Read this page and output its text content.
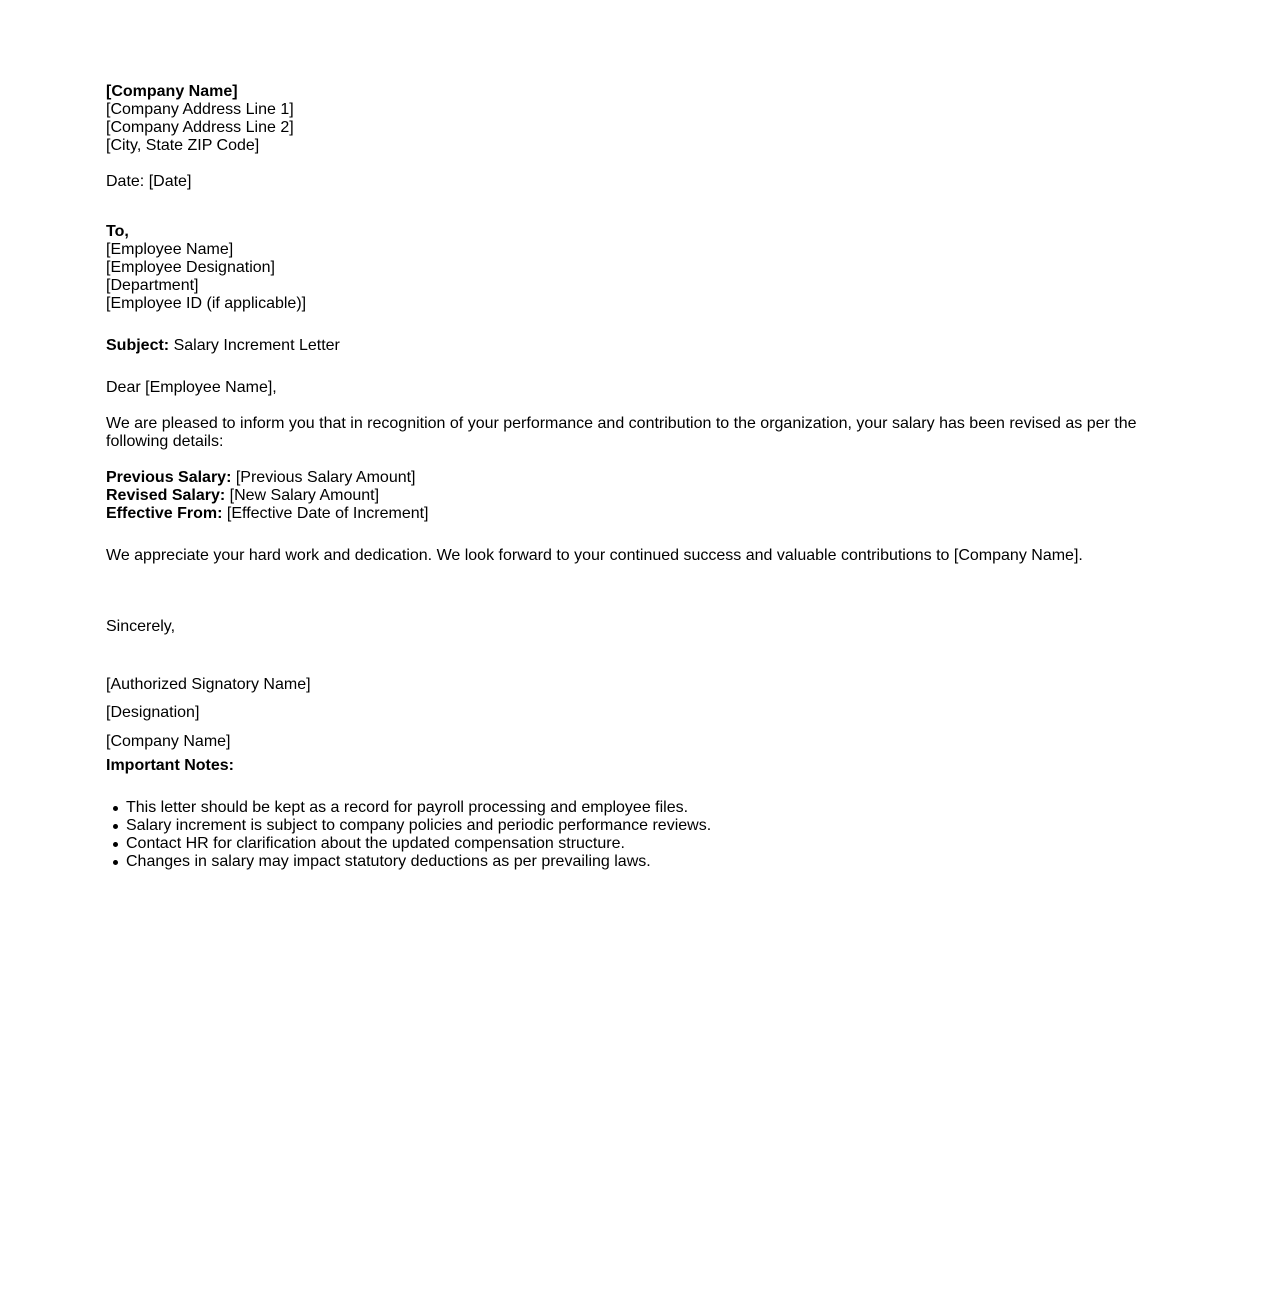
[Company Name]
[Company Address Line 1]
[Company Address Line 2]
[City, State ZIP Code]
Date: [Date]
To,
[Employee Name]
[Employee Designation]
[Department]
[Employee ID (if applicable)]
Subject: Salary Increment Letter
Dear [Employee Name],
We are pleased to inform you that in recognition of your performance and contribution to the organization, your salary has been revised as per the following details:
Previous Salary: [Previous Salary Amount]
Revised Salary: [New Salary Amount]
Effective From: [Effective Date of Increment]
We appreciate your hard work and dedication. We look forward to your continued success and valuable contributions to [Company Name].
Sincerely,
[Authorized Signatory Name]
[Designation]
[Company Name]
Important Notes:
This letter should be kept as a record for payroll processing and employee files.
Salary increment is subject to company policies and periodic performance reviews.
Contact HR for clarification about the updated compensation structure.
Changes in salary may impact statutory deductions as per prevailing laws.
